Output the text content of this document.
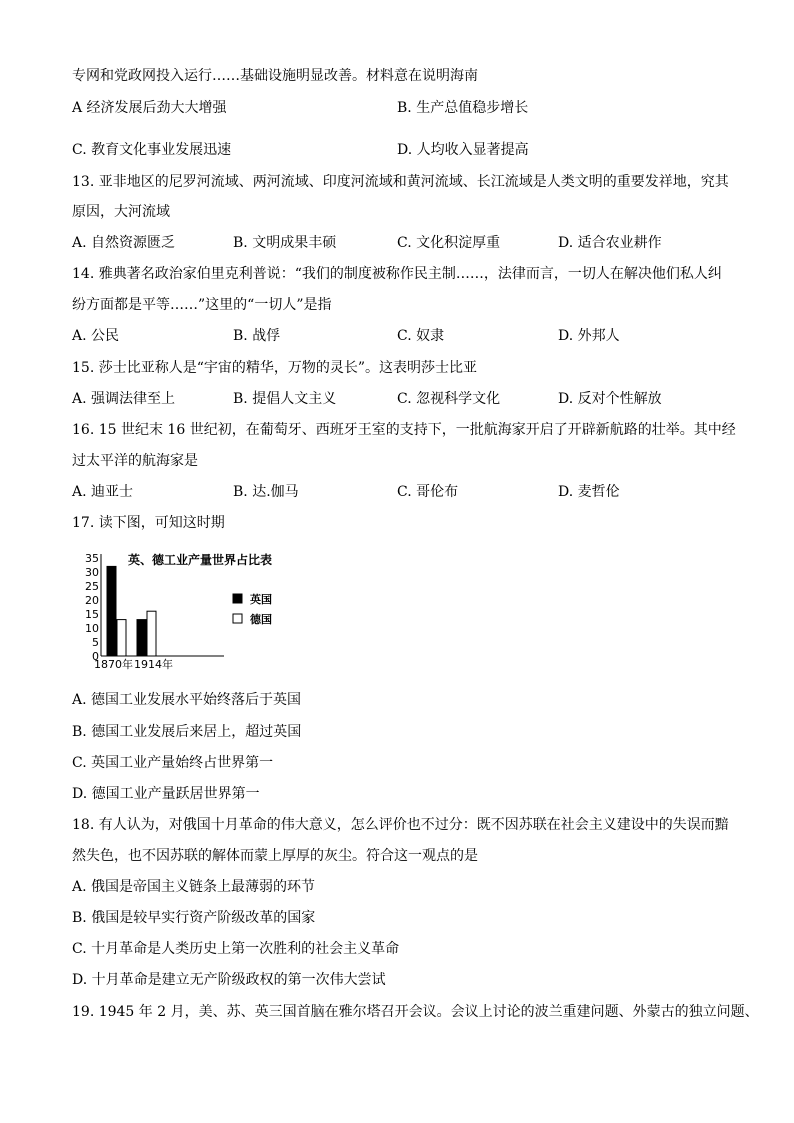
专网和党政网投入运行……基础设施明显改善。材料意在说明海南
A 经济发展后劲大大增强	B. 生产总值稳步增长
C. 教育文化事业发展迅速	D. 人均收入显著提高
13. 亚非地区的尼罗河流域、两河流域、印度河流域和黄河流域、长江流域是人类文明的重要发祥地，究其
原因，大河流域
A. 自然资源匮乏	B. 文明成果丰硕	C. 文化积淀厚重	D. 适合农业耕作
14. 雅典著名政治家伯里克利普说：“我们的制度被称作民主制……，法律而言，一切人在解决他们私人纠
纷方面都是平等……”这里的“一切人”是指
A. 公民	B. 战俘	C. 奴隶	D. 外邦人
15. 莎士比亚称人是“宇宙的精华，万物的灵长”。这表明莎士比亚
A. 强调法律至上	B. 提倡人文主义	C. 忽视科学文化	D. 反对个性解放
16. 15 世纪末 16 世纪初，在葡萄牙、西班牙王室的支持下，一批航海家开启了开辟新航路的壮举。其中经
过太平洋的航海家是
A. 迪亚士	B. 达.伽马	C. 哥伦布	D. 麦哲伦
17. 读下图，可知这时期
0
5
10
15
20
25
30
35
1870年 1914年
英、德工业产量世界占比表
英国
德国
A. 德国工业发展水平始终落后于英国
B. 德国工业发展后来居上，超过英国
C. 英国工业产量始终占世界第一
D. 德国工业产量跃居世界第一
18. 有人认为，对俄国十月革命的伟大意义，怎么评价也不过分：既不因苏联在社会主义建设中的失误而黯
然失色，也不因苏联的解体而蒙上厚厚的灰尘。符合这一观点的是
A. 俄国是帝国主义链条上最薄弱的环节
B. 俄国是较早实行资产阶级改革的国家
C. 十月革命是人类历史上第一次胜利的社会主义革命
D. 十月革命是建立无产阶级政权的第一次伟大尝试
19. 1945 年 2 月，美、苏、英三国首脑在雅尔塔召开会议。会议上讨论的波兰重建问题、外蒙古的独立问题、
